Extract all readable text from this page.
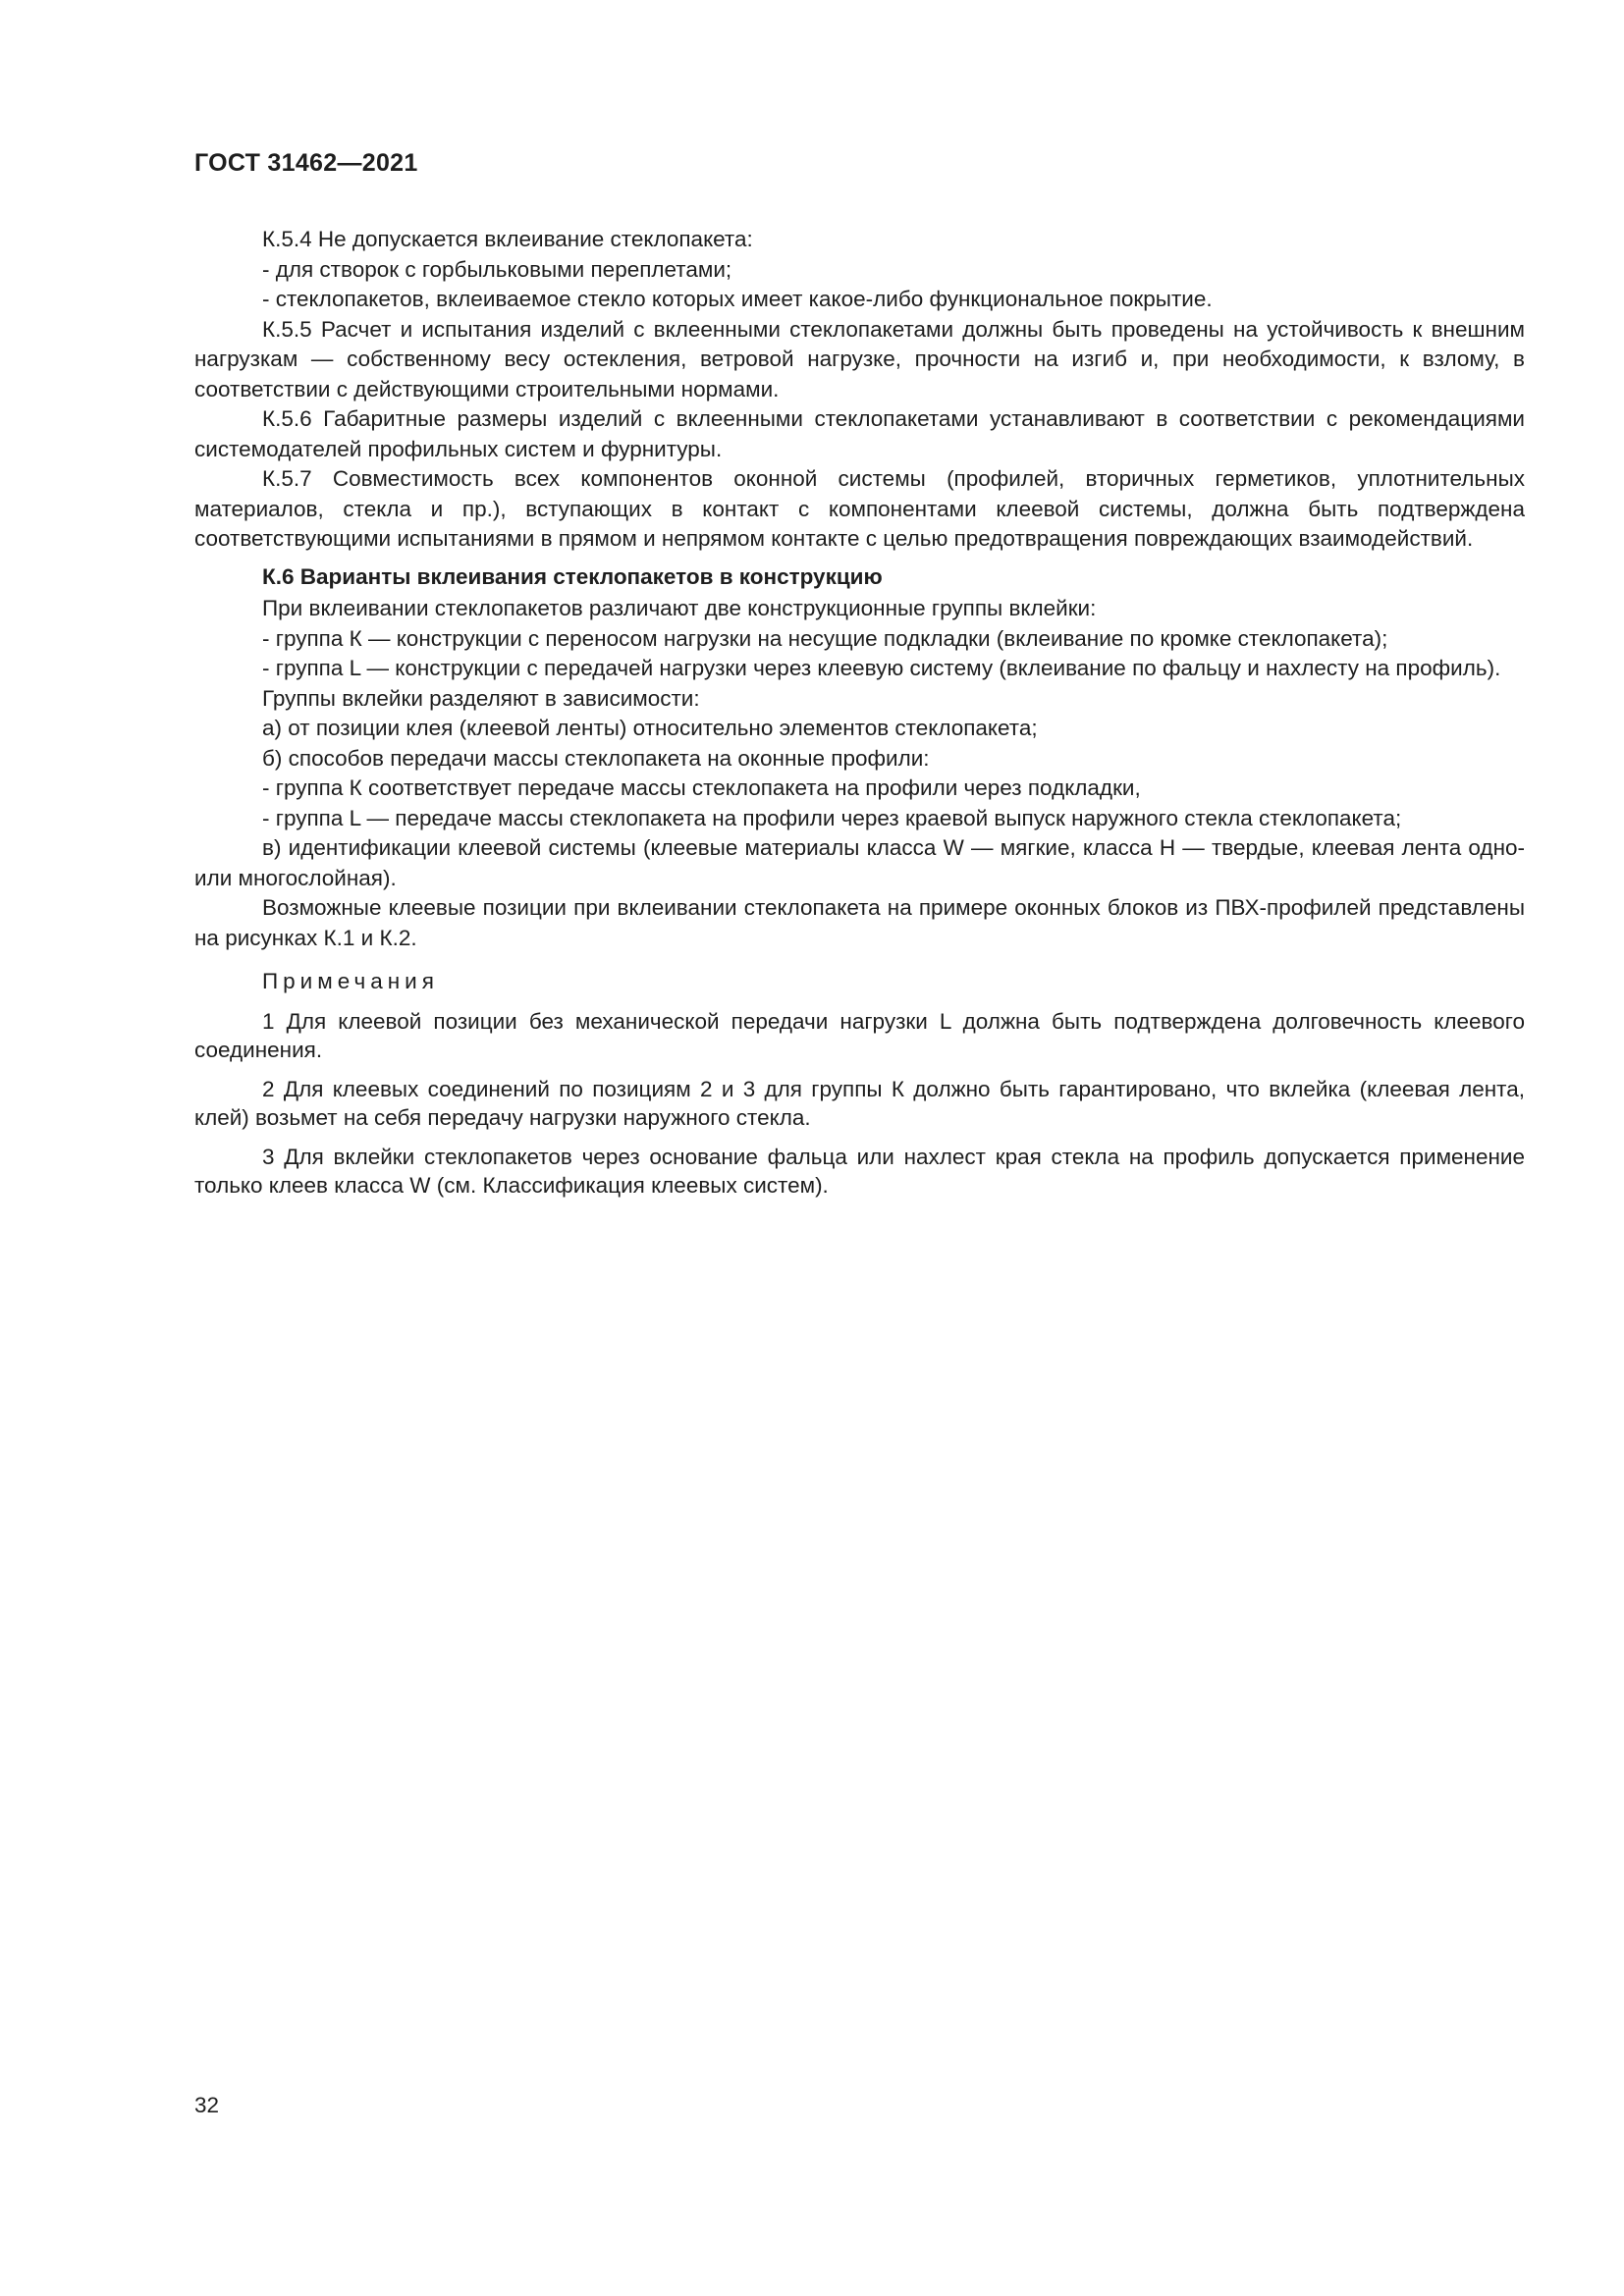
ГОСТ 31462—2021

К.5.4 Не допускается вклеивание стеклопакета:

- для створок с горбыльковыми переплетами;

- стеклопакетов, вклеиваемое стекло которых имеет какое-либо функциональное покрытие.

К.5.5 Расчет и испытания изделий с вклеенными стеклопакетами должны быть проведены на устойчивость к внешним нагрузкам — собственному весу остекления, ветровой нагрузке, прочности на изгиб и, при необходимости, к взлому, в соответствии с действующими строительными нормами.

К.5.6 Габаритные размеры изделий с вклеенными стеклопакетами устанавливают в соответствии с рекомендациями системодателей профильных систем и фурнитуры.

К.5.7 Совместимость всех компонентов оконной системы (профилей, вторичных герметиков, уплотнительных материалов, стекла и пр.), вступающих в контакт с компонентами клеевой системы, должна быть подтверждена соответствующими испытаниями в прямом и непрямом контакте с целью предотвращения повреждающих взаимодействий.

К.6 Варианты вклеивания стеклопакетов в конструкцию

При вклеивании стеклопакетов различают две конструкционные группы вклейки:

- группа К — конструкции с переносом нагрузки на несущие подкладки (вклеивание по кромке стеклопакета);

- группа L — конструкции с передачей нагрузки через клеевую систему (вклеивание по фальцу и нахлесту на профиль).

Группы вклейки разделяют в зависимости:

а) от позиции клея (клеевой ленты) относительно элементов стеклопакета;

б) способов передачи массы стеклопакета на оконные профили:

- группа К соответствует передаче массы стеклопакета на профили через подкладки,

- группа L — передаче массы стеклопакета на профили через краевой выпуск наружного стекла стеклопакета;

в) идентификации клеевой системы (клеевые материалы класса W — мягкие, класса H — твердые, клеевая лента одно- или многослойная).

Возможные клеевые позиции при вклеивании стеклопакета на примере оконных блоков из ПВХ-профилей представлены на рисунках К.1 и К.2.

Примечания

1 Для клеевой позиции без механической передачи нагрузки L должна быть подтверждена долговечность клеевого соединения.

2 Для клеевых соединений по позициям 2 и 3 для группы К должно быть гарантировано, что вклейка (клеевая лента, клей) возьмет на себя передачу нагрузки наружного стекла.

3 Для вклейки стеклопакетов через основание фальца или нахлест края стекла на профиль допускается применение только клеев класса W (см. Классификация клеевых систем).

32
